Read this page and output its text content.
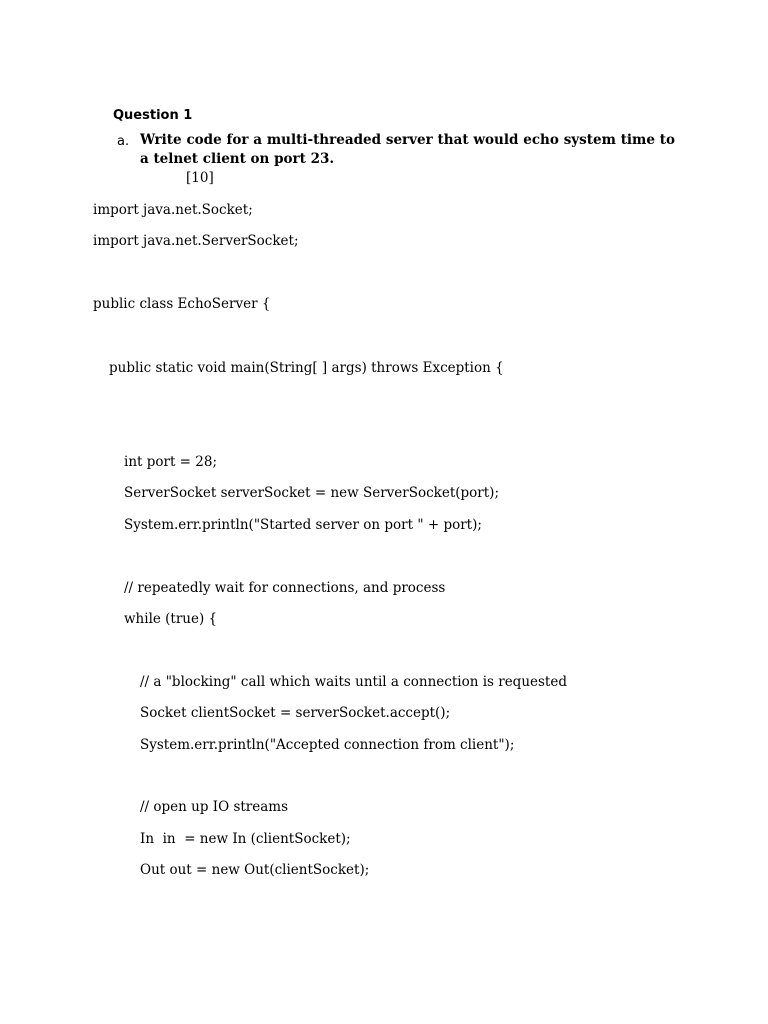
Question 1
a. Write code for a multi-threaded server that would echo system time to a telnet client on port 23.
[10]
import java.net.Socket;
import java.net.ServerSocket;
public class EchoServer {
public static void main(String[ ] args) throws Exception {
int port = 28;
ServerSocket serverSocket = new ServerSocket(port);
System.err.println("Started server on port " + port);
// repeatedly wait for connections, and process
while (true) {
// a "blocking" call which waits until a connection is requested
Socket clientSocket = serverSocket.accept();
System.err.println("Accepted connection from client");
// open up IO streams
In  in  = new In (clientSocket);
Out out = new Out(clientSocket);
